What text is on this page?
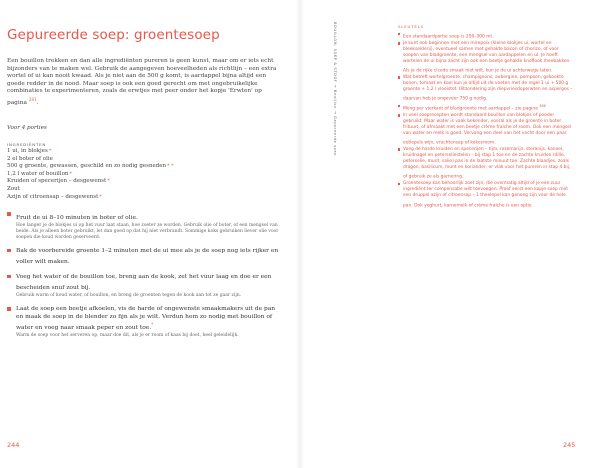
Gepureerde soep: groentesoep

Een bouillon trekken en dan alle ingrediënten pureren is geen kunst, maar om er iets echt bijzonders van te maken wel. Gebruik de aangegeven hoeveelheden als richtlijn – een extra wortel of ui kan nooit kwaad. Als je niet aan de 500 g komt, is aardappel bijna altijd een goede redder in de nood. Maar soep is ook een goed gerecht om met ongebruikelijke combinaties te experimenteren, zoals de erwtjes met peer onder het kopje 'Erwten' op pagina $^{281}$.

Voor 4 porties

INGREDIËNTEN
1 ui, in blokjes*
2 el boter of olie
500 g groente, gewassen, geschild en zo nodig gesneden* *
1,2 l water of bouillon*
Kruiden of specerijen – desgewenst*
Zout
Azijn of citroensap – desgewenst*
Fruit de ui 8–10 minuten in boter of olie.
Hoe langer je de blokjes ui op het vuur laat staan, hoe zoeter ze worden. Gebruik olie of boter, of een mengsel van beide. Als je alleen boter gebruikt, let dan goed op dat hij niet verbrandt. Sommige koks gebruiken liever olie voor soepen die koud worden geserveerd.
Bak de voorbereide groente 1–2 minuten met de ui mee als je de soep nog iets rijker en voller wilt maken.
Voeg het water of de bouillon toe, breng aan de kook, zet het vuur laag en doe er een bescheiden snuf zout bij.
Gebruik warm of koud water, of bouillon, en breng de groenten tegen de kook aan tot ze gaar zijn.
Laat de soep een beetje afkoelen, vis de harde of ongewenste smaakmakers uit de pan en maak de soep in de blender zo fijn als je wilt. Verdun hem zo nodig met bouillon of water en voeg naar smaak peper en zout toe.*
Warm de soep voor het serveren op, maar doe dit, als je er room of kaas bij doet, heel geleidelijk.
244	245
BOUILLON, SOEP & STOOF → Bouillon → Gepureerde soep
SLEUTELS
Een standaardportie soep is 250–300 ml.
Je kunt ook beginnen met een mirepoix (kleine blokjes ui, wortel en bleekselderij), eventueel samen met gehakte bacon of chorizo, of voor soepen van bladgroente, een mengsel van aardappelen en ui. Je hoeft wortelen de ui bijna zacht zijn ook een beetje gehakte knoflook meebakken. Als je de rijke cicede smaak niet wilt, kun je de ui achterwege laten.
Wat betreft wortelgroente, champignons, aubergine, pompoen, gekookte bonen, tomaat en kool kun je altijd uit de voeten met de regel 1 ui + 500 g groente + 1,2 l vloeistof. Uitzondering zijn diepvriesdoperwten en asperges – daarvan heb je ongeveer 750 g nodig.
Meng per vierkant of bladgroente met aardappel – zie pagina $^{366}$
In veel soeprecepten wordt standaard bouillon van blokjes of poeder gebruikt. Maar water is vaak bekender, vooral als je de groente in boter frituurt, of afmaakt met een beetje crème fraîche of room. Ook een mengsel van water en melk is goed. Vervang een deel van het vocht door een paar eetlepels wijn, vruchtensap of kokosroom.
Voeg de harde kruiden en specerijen – tijm, rozemarijn, steranijs, kaneel, kruidnagel en peterseliestelen – bij stap 1 toe en de zachte kruiden (dille, peterselie, munt, salie) pas in de laatste minuut toe. Zachte blaadjes, zoals dragon, basilicum, munt en koriander, er vlak voor het pureren in stap 4 bij, of gebruik ze als garnering.
Groentesoep kan behoorlijk zoet zijn, die overmatig altijd of je een zuur ingrediënt ter compensatie wilt toevoegen. Proef eerst een kopje soep met een druppel azijn of citroensap – 1 theelepel kan genoeg zijn voor de hele pan. Ook yoghurt, karnemelk of crème fraîche is een optie.
